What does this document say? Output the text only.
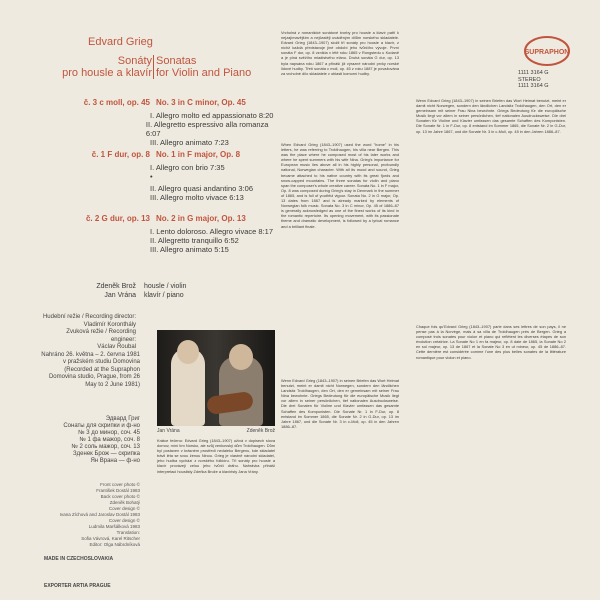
Edvard Grieg
Sonáty
pro housle a klavír
Sonatas
for Violin and Piano
č. 3 c moll, op. 45 No. 3 in C minor, Op. 45
I. Allegro molto ed appassionato 8:20
II. Allegretto espressivo alla romanza 6:07
III. Allegro animato 7:23
č. 1 F dur, op. 8 No. 1 in F major, Op. 8
I. Allegro con brio 7:35
•
II. Allegro quasi andantino 3:06
III. Allegro molto vivace 6:13
č. 2 G dur, op. 13 No. 2 in G major, Op. 13
I. Lento doloroso. Allegro vivace 8:17
II. Allegretto tranquillo 6:52
III. Allegro animato 5:15
Zdeněk Brož	housle / violin
Jan Vrána	klavír / piano
Hudební režie / Recording director:
Vladimír Koronthály
Zvuková režie / Recording engineer:
Václav Roubal
Nahráno 26. května – 2. června 1981 v pražském studiu Domovina
(Recorded at the Supraphon Domovina studio, Prague, from 26 May to 2 June 1981)
Эдвард Григ
Сонаты для скрипки и ф-но
№ 3 до минор, соч. 45
№ 1 фа мажор, соч. 8
№ 2 соль мажор, соч. 13
Зденек Брож — скрипка
Ян Врана — ф-но
Front cover photo ©
František Dostál 1983
Back cover photo ©
Zdeněk Bohatý
Cover design ©
Ivana Zíchová and Jaroslav Dostál 1983
Cover design ©
Ludmila Maršálková 1983
Translation:
Sofia Vávrová, Karel Ritscher
Editor: Olga Nábrdníková
MADE IN CZECHOSLOVAKIA
EXPORTER ARTIA PRAGUE
Jan Vrána	Zdeněk Brož
Krátce řečeno: Edvard Grieg (1843–1907) užívá v dopisech slova domov, míní tím Norsko, ale svůj venkovský dům Troldhaugen. Dům byl postaven v krásném prostředí nedaleko Bergenu, kde skladatel trávil léta se svou ženou Ninou. Grieg je vlastně národní skladatel, jeho hudba vychází z norského folklóru. Tři sonáty pro housle a klavír provázejí celou jeho tvůrčí dráhu. Nahrávka přináší interpretaci houslisty Zdeňka Brože a klavíristy Jana Vrány.
Vrcholná z romantické sonátové tvorby pro housle a klavír patří k nejzajímavějším a nejčastěji uváděným dílům norského skladatele. Edvard Grieg (1843–1907) složil tři sonáty pro housle a klavír, z nichž každá představuje jiné období jeho tvůrčího vývoje. První sonáta F dur, op. 8 vznikla v létě roku 1865 v Rungstedu u Kodaně a je plná svěžího mladistvého elánu. Druhá sonáta G dur, op. 13 byla napsána roku 1867 a přináší již výrazné národní prvky norské lidové hudby. Třetí sonáta c moll, op. 45 z roku 1887 je považována za vrcholné dílo skladatele v oblasti komorní hudby.
When Edvard Grieg (1843–1907) used the word "home" in his letters, he was referring to Troldhaugen, his villa near Bergen. This was the place where he composed most of his later works and where he spent summers with his wife Nina. Grieg's importance for European music lies above all in his highly personal, profoundly national, Norwegian character. With all its mood and sound, Grieg became attached to his native country with its great fjords and snow-capped mountains. The three sonatas for violin and piano span the composer's whole creative career. Sonata No. 1 in F major, Op. 8 was composed during Grieg's stay in Denmark in the summer of 1865, and is full of youthful vigour. Sonata No. 2 in G major, Op. 13 dates from 1867 and is already marked by elements of Norwegian folk music. Sonata No. 3 in C minor, Op. 45 of 1886–87 is generally acknowledged as one of the finest works of its kind in the romantic repertoire. Its opening movement, with its passionate theme and dramatic development, is followed by a lyrical romance and a brilliant finale.
Wenn Edvard Grieg (1843–1907) in seinen Briefen das Wort Heimat benutzt, meint er damit nicht Norwegen, sondern den ländlichen Landsitz Troldhaugen, den Ort, den er gemeinsam mit seiner Frau Nina bewohnte. Griegs Bedeutung für die europäische Musik liegt vor allem in seiner persönlichen, tief nationalen Ausdrucksweise. Die drei Sonaten für Violine und Klavier umfassen das gesamte Schaffen des Komponisten. Die Sonate Nr. 1 in F-Dur, op. 8 entstand im Sommer 1865, die Sonate Nr. 2 in G-Dur, op. 13 im Jahre 1867, und die Sonate Nr. 3 in c-Moll, op. 45 in den Jahren 1886–87.
Wenn Edvard Grieg (1843–1907) in seinen Briefen das Wort Heimat benutzt, meint er damit nicht Norwegen, sondern den ländlichen Landsitz Troldhaugen, den Ort, den er gemeinsam mit seiner Frau Nina bewohnte. Griegs Bedeutung für die europäische Musik liegt vor allem in seiner persönlichen, tief nationalen Ausdrucksweise. Die drei Sonaten für Violine und Klavier umfassen das gesamte Schaffen des Komponisten. Die Sonate Nr. 1 in F-Dur, op. 8 entstand im Sommer 1865, die Sonate Nr. 2 in G-Dur, op. 13 im Jahre 1867, und die Sonate Nr. 3 in c-Moll, op. 45 in den Jahren 1886–87.
Chaque fois qu'Edvard Grieg (1843–1907) parle dans ses lettres de son pays, il ne pense pas à la Norvège, mais à sa villa de Troldhaugen près de Bergen. Grieg a composé trois sonates pour violon et piano qui reflètent les diverses étapes de son évolution créatrice. La Sonate No 1 en fa majeur, op. 8 date de 1865, la Sonate No 2 en sol majeur, op. 13 de 1867 et la Sonate No 3 en ut mineur, op. 45 de 1886–87. Cette dernière est considérée comme l'une des plus belles sonates de la littérature romantique pour violon et piano.
SUPRAPHON
1111 3164 G
STEREO
1111 3164 G
